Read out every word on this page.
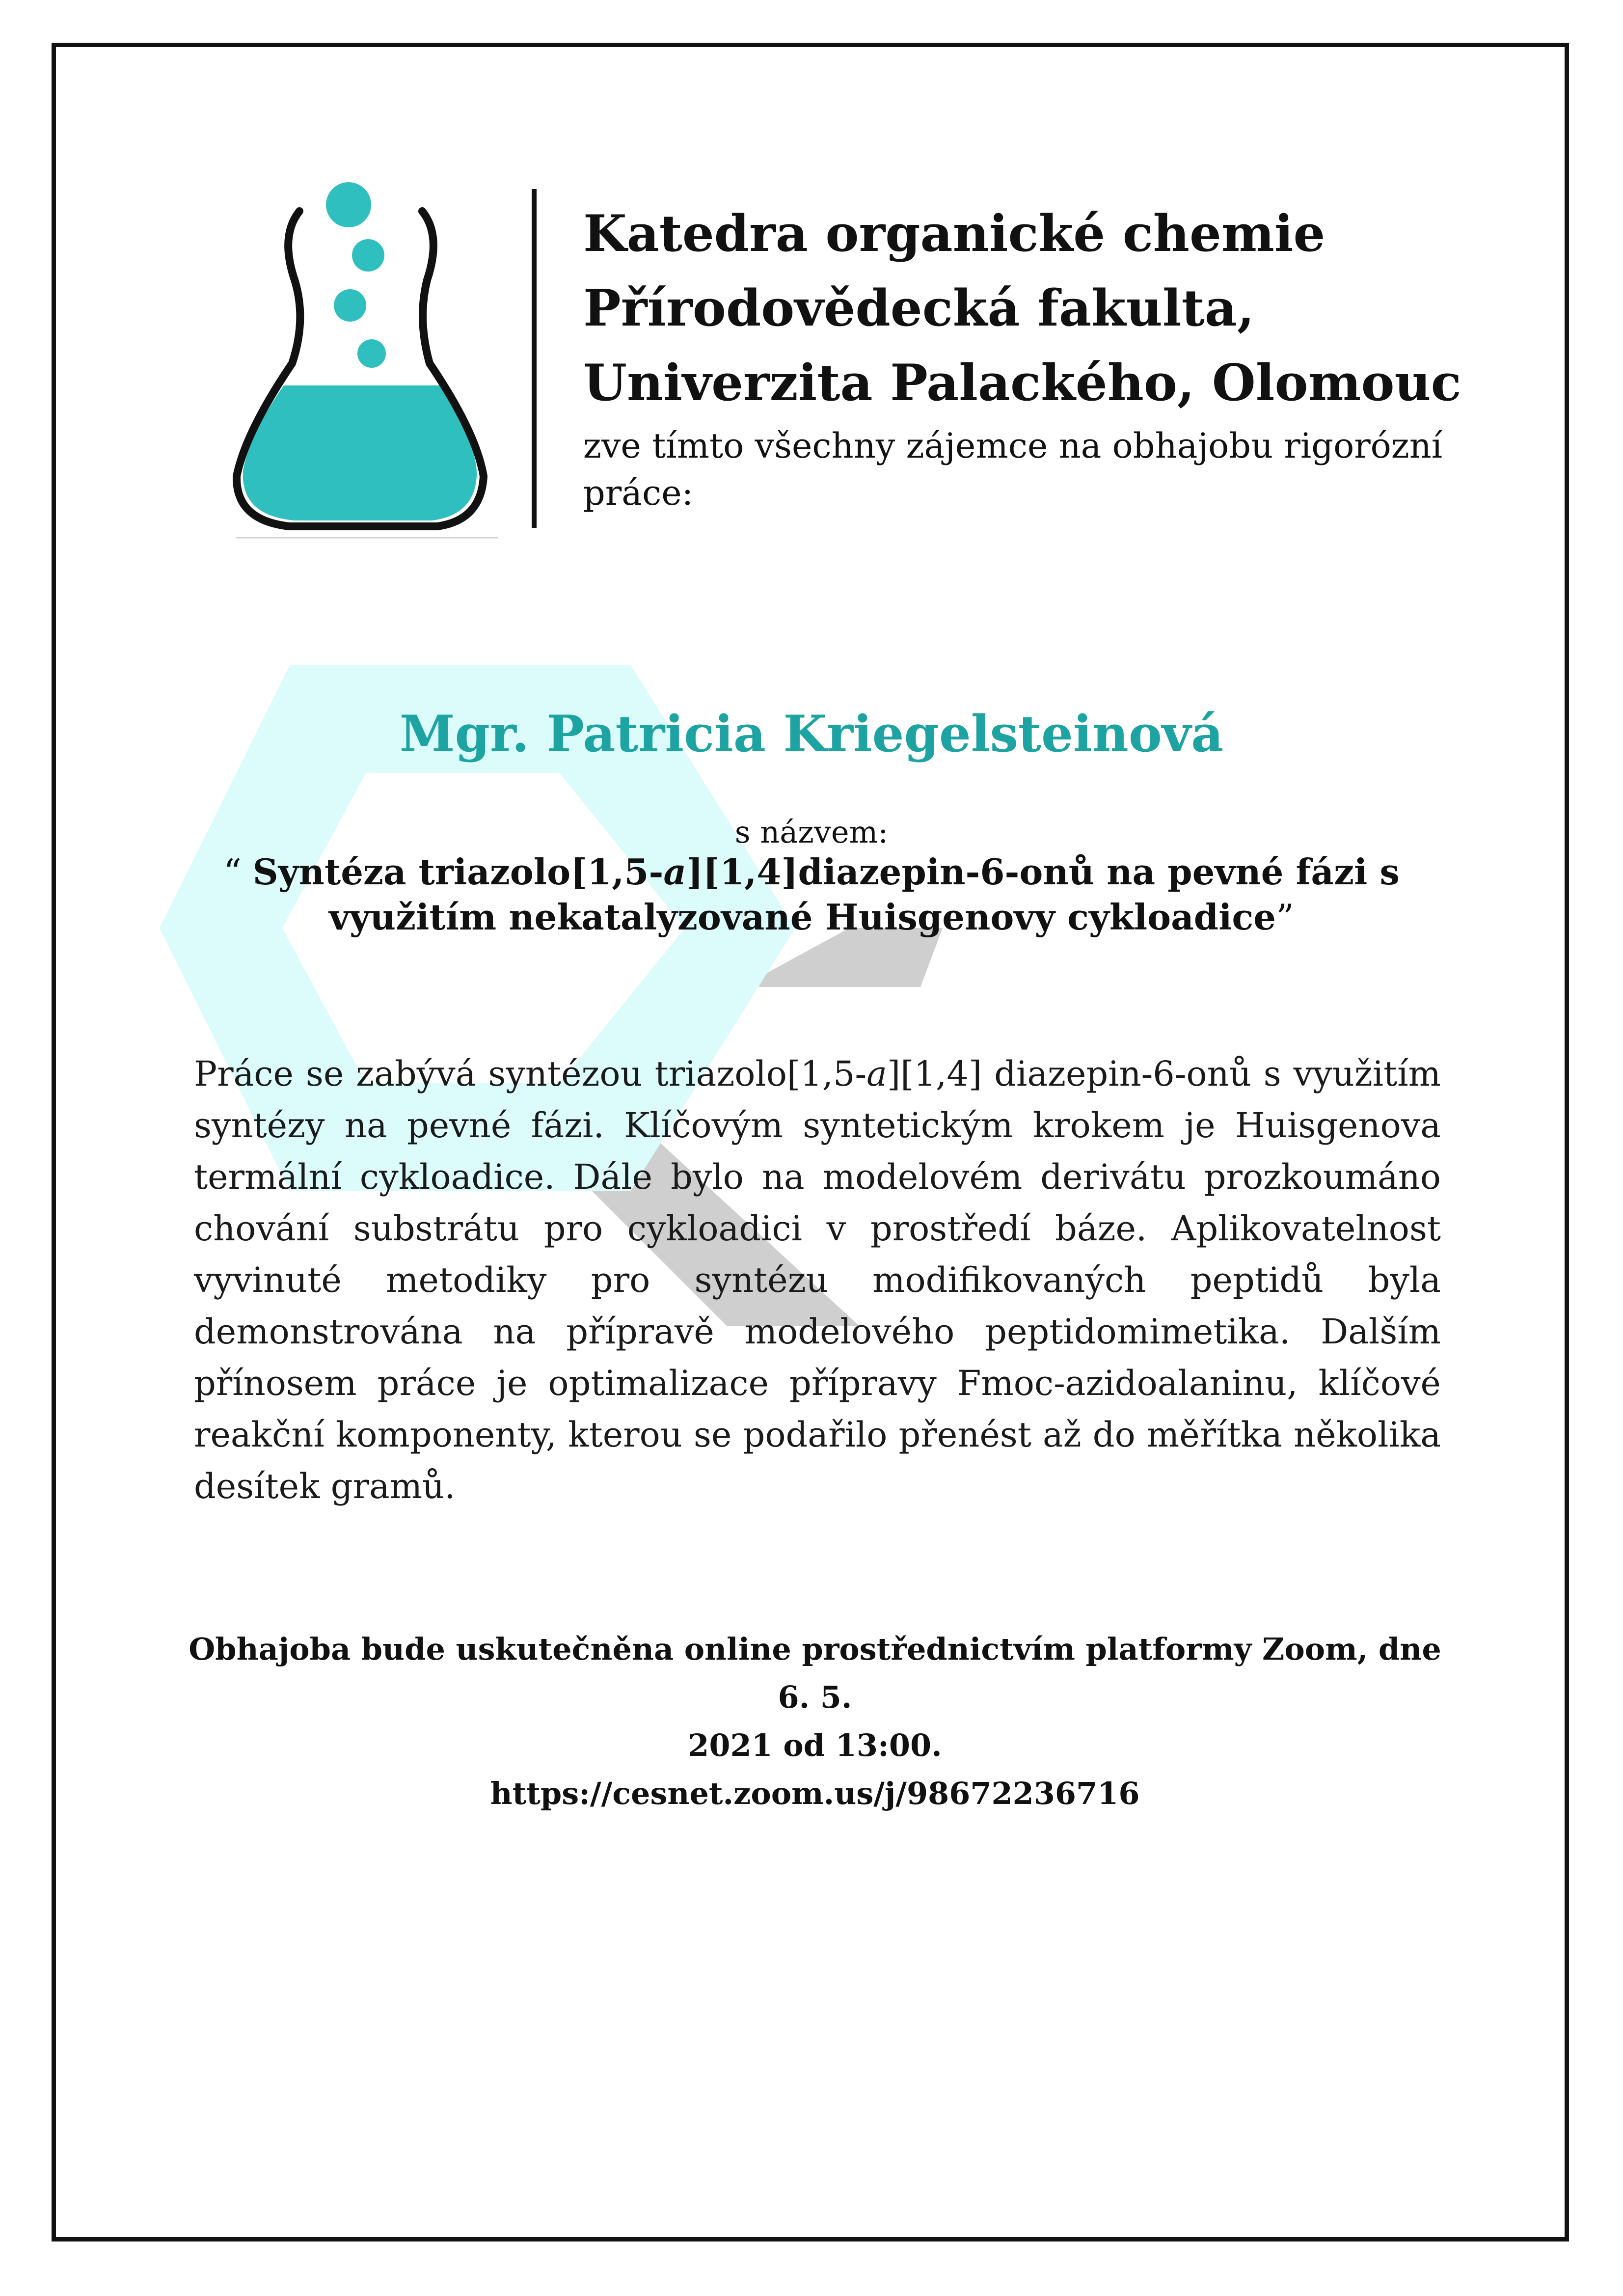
Katedra organické chemie
Přírodovědecká fakulta,
Univerzita Palackého, Olomouc
zve tímto všechny zájemce na obhajobu rigorózní práce:
Mgr. Patricia Kriegelsteinová
s názvem:
“ Syntéza triazolo[1,5-a][1,4]diazepin-6-onů na pevné fázi s využitím nekatalyzované Huisgenovy cykloadice”
Práce se zabývá syntézou triazolo[1,5-a][1,4] diazepin-6-onů s využitím syntézy na pevné fázi. Klíčovým syntetickým krokem je Huisgenova termální cykloadice. Dále bylo na modelovém derivátu prozkoumáno chování substrátu pro cykloadici v prostředí báze. Aplikovatelnost vyvinuté metodiky pro syntézu modifikovaných peptidů byla demonstrována na přípravě modelového peptidomimetika. Dalším přínosem práce je optimalizace přípravy Fmoc-azidoalaninu, klíčové reakční komponenty, kterou se podařilo přenést až do měřítka několika desítek gramů.
Obhajoba bude uskutečněna online prostřednictvím platformy Zoom, dne 6. 5.
2021 od 13:00.
https://cesnet.zoom.us/j/98672236716
